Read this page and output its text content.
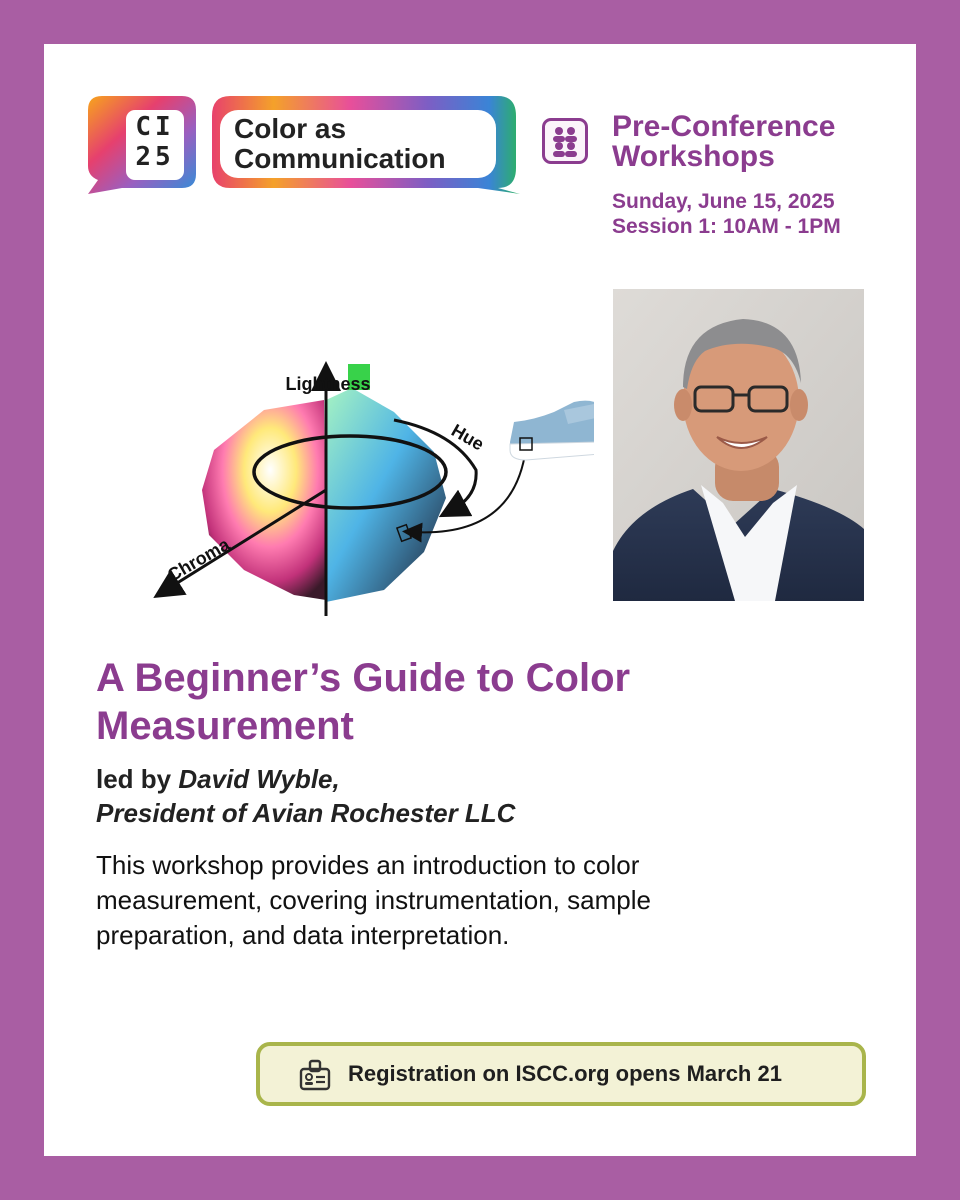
CI
25
Color as
Communication
Pre-Conference
Workshops
Sunday, June 15, 2025
Session 1: 10AM - 1PM
Lightness
Hue
Chroma
A Beginner’s Guide to Color Measurement
led by David Wyble,
President of Avian Rochester LLC
This workshop provides an introduction to color measurement, covering instrumentation, sample preparation, and data interpretation.
Registration on ISCC.org opens March 21
